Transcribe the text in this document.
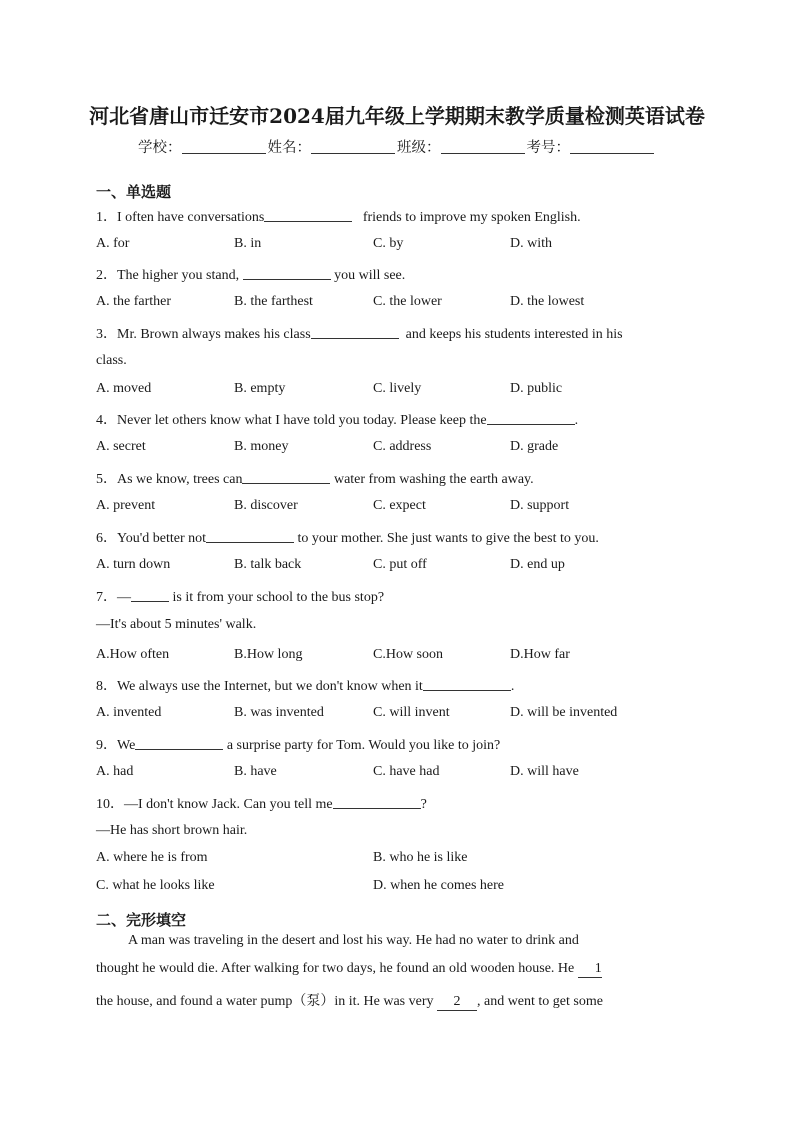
河北省唐山市迁安市2024届九年级上学期期末教学质量检测英语试卷
学校：	姓名：	班级：	考号：
一、单选题
1．I often have conversations	friends to improve my spoken English.
A. for	B. in	C. by	D. with
2．The higher you stand,	you will see.
A. the farther	B. the farthest	C. the lower	D. the lowest
3．Mr. Brown always makes his class	and keeps his students interested in his
class.
A. moved	B. empty	C. lively	D. public
4．Never let others know what I have told you today. Please keep the	.
A. secret	B. money	C. address	D. grade
5．As we know, trees can	water from washing the earth away.
A. prevent	B. discover	C. expect	D. support
6．You'd better not	to your mother. She just wants to give the best to you.
A. turn down	B. talk back	C. put off	D. end up
7．—	is it from your school to the bus stop?
—It's about 5 minutes' walk.
A.How often	B.How long	C.How soon	D.How far
8．We always use the Internet, but we don't know when it	.
A. invented	B. was invented	C. will invent	D. will be invented
9．We	a surprise party for Tom. Would you like to join?
A. had	B. have	C. have had	D. will have
10．—I don't know Jack. Can you tell me	?
—He has short brown hair.
A. where he is from	B. who he is like
C. what he looks like	D. when he comes here
二、完形填空
A man was traveling in the desert and lost his way. He had no water to drink and
thought he would die. After walking for two days, he found an old wooden house. He 1
the house, and found a water pump（泵）in it. He was very 2 , and went to get some
